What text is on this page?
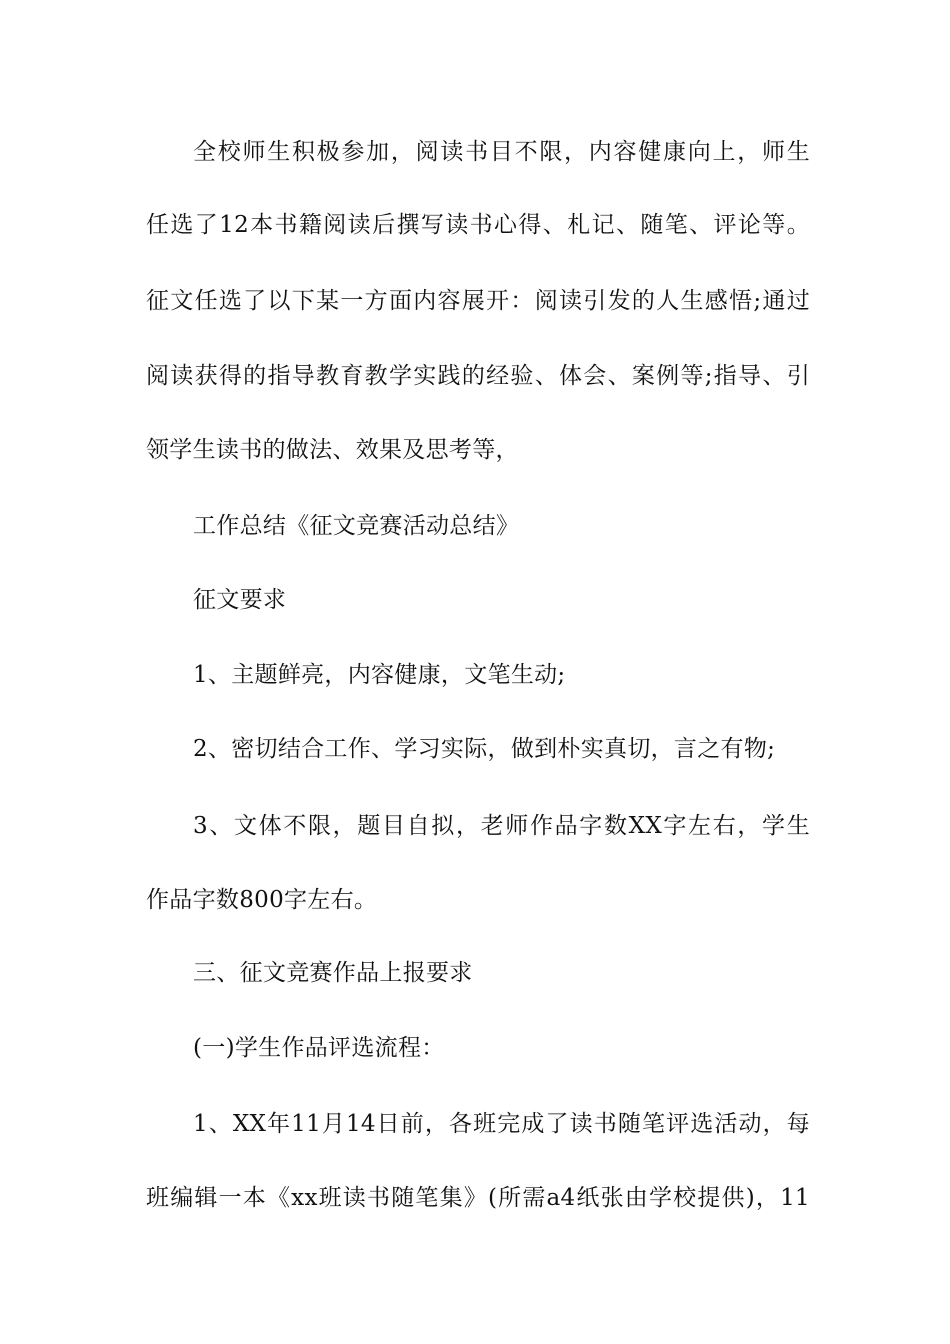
全校师生积极参加，阅读书目不限，内容健康向上，师生
任选了12本书籍阅读后撰写读书心得、札记、随笔、评论等。
征文任选了以下某一方面内容展开：阅读引发的人生感悟;通过
阅读获得的指导教育教学实践的经验、体会、案例等;指导、引
领学生读书的做法、效果及思考等，
工作总结《征文竞赛活动总结》
征文要求
1、主题鲜亮，内容健康，文笔生动;
2、密切结合工作、学习实际，做到朴实真切，言之有物;
3、文体不限，题目自拟，老师作品字数XX字左右，学生
作品字数800字左右。
三、征文竞赛作品上报要求
(一)学生作品评选流程：
1、XX年11月14日前，各班完成了读书随笔评选活动，每
班编辑一本《xx班读书随笔集》(所需a4纸张由学校提供)，11
